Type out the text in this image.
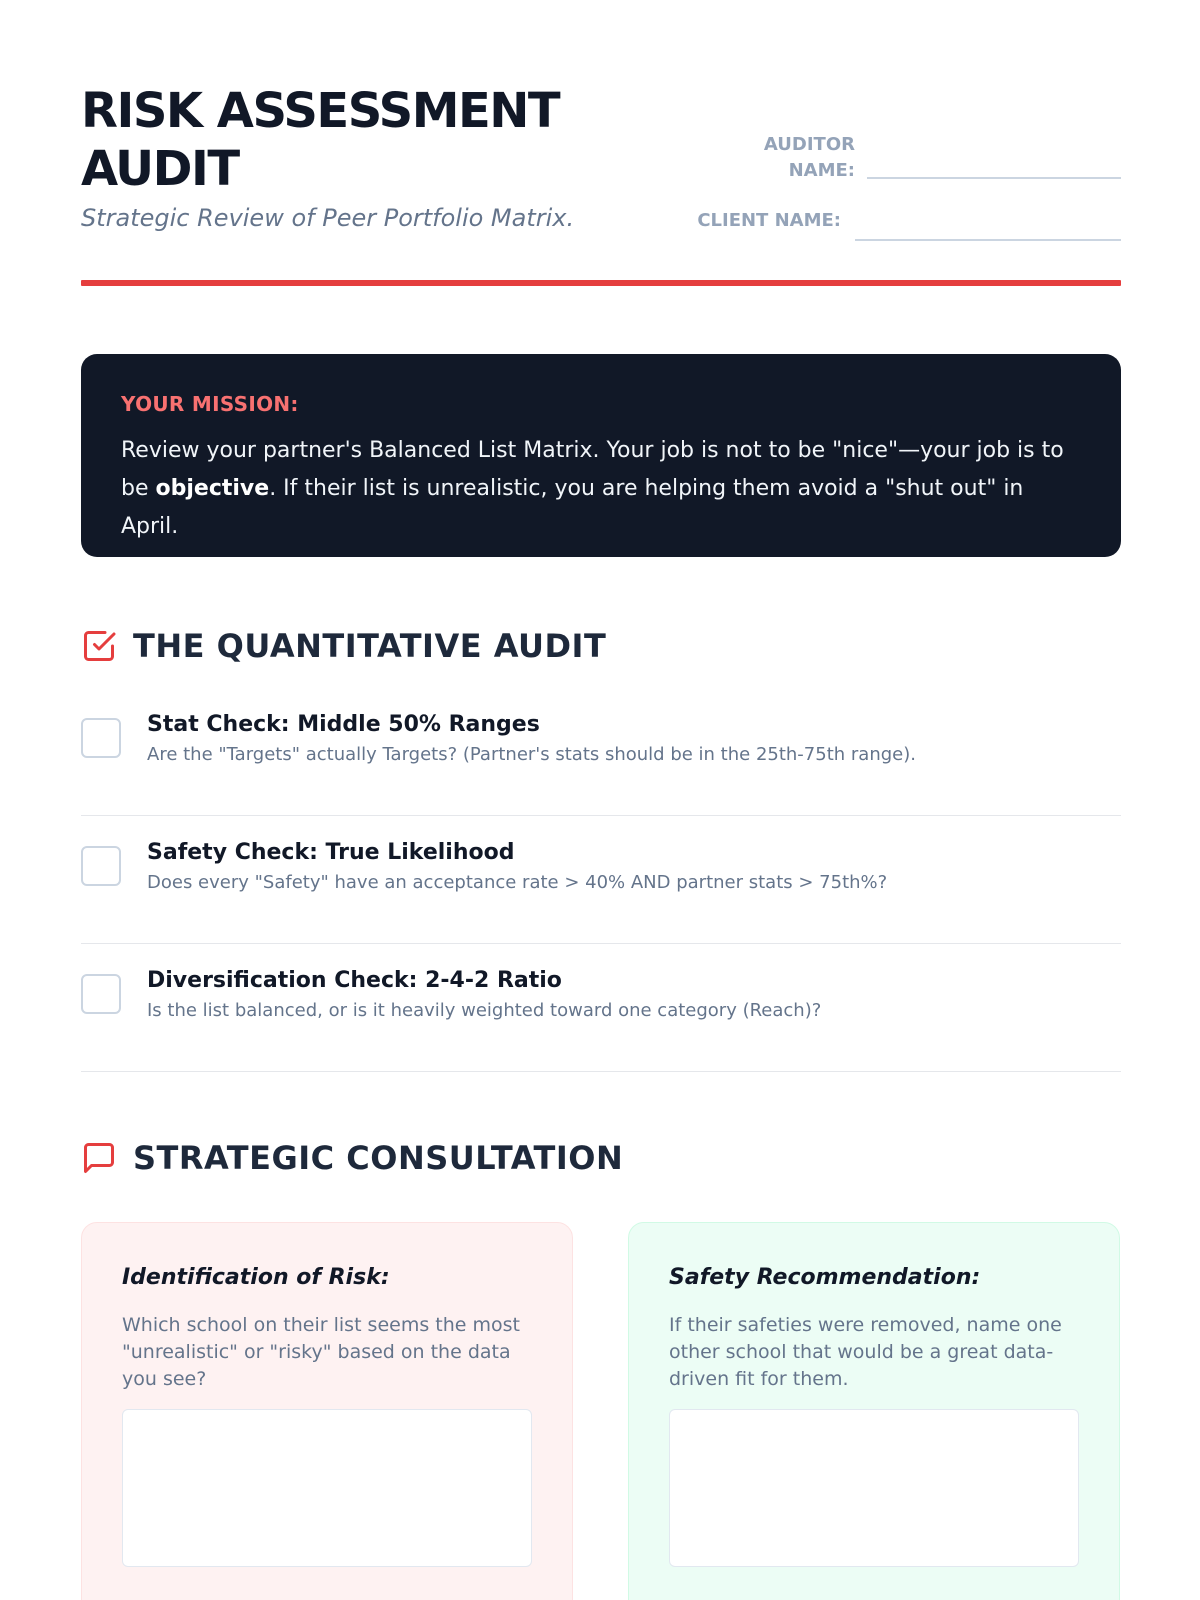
RISK ASSESSMENT AUDIT
Strategic Review of Peer Portfolio Matrix.
AUDITOR NAME:
CLIENT NAME:
YOUR MISSION:

Review your partner's Balanced List Matrix. Your job is not to be "nice"—your job is to be objective. If their list is unrealistic, you are helping them avoid a "shut out" in April.

THE QUANTITATIVE AUDIT
Stat Check: Middle 50% Ranges
Are the "Targets" actually Targets? (Partner's stats should be in the 25th-75th range).
Safety Check: True Likelihood
Does every "Safety" have an acceptance rate > 40% AND partner stats > 75th%?
Diversification Check: 2-4-2 Ratio
Is the list balanced, or is it heavily weighted toward one category (Reach)?
STRATEGIC CONSULTATION
Identification of Risk:
Which school on their list seems the most "unrealistic" or "risky" based on the data you see?
Safety Recommendation:
If their safeties were removed, name one other school that would be a great data-driven fit for them.
